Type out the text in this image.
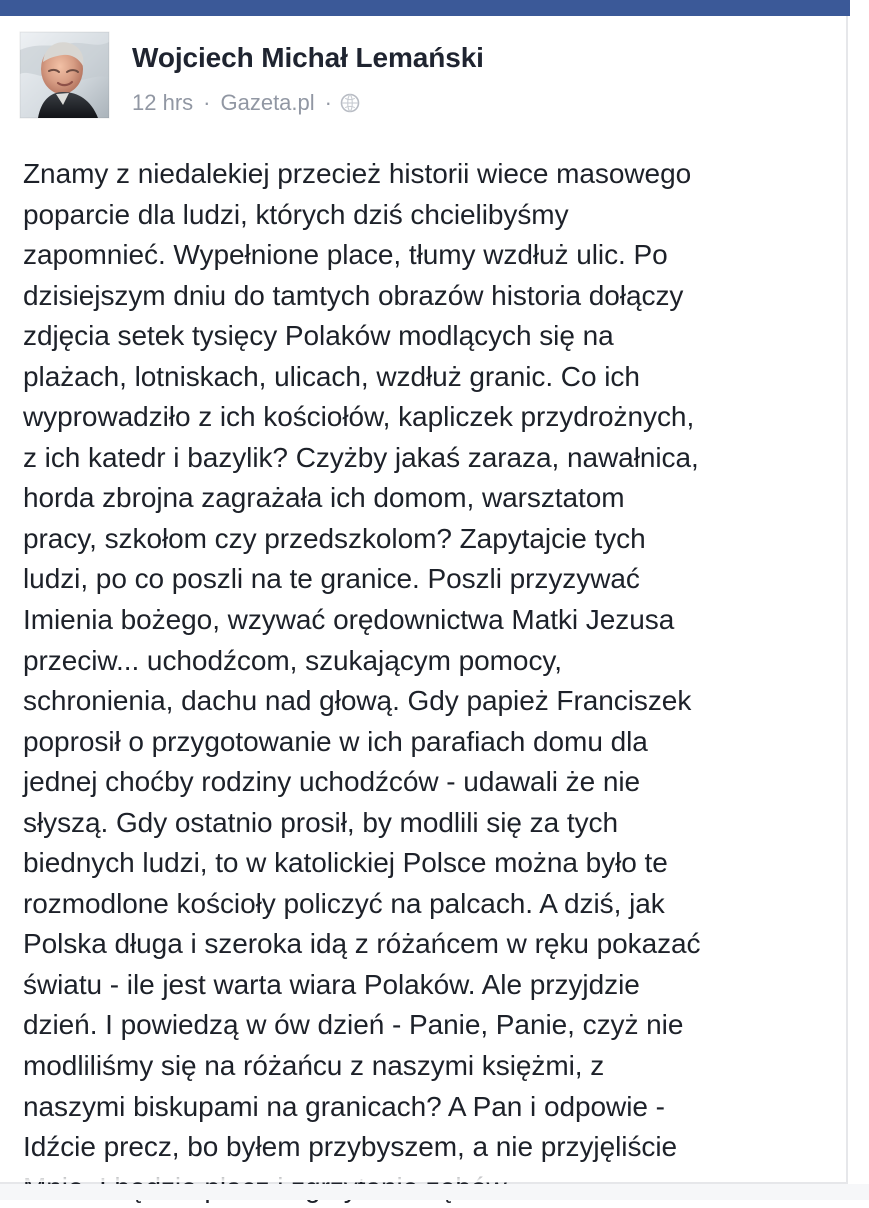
Wojciech Michał Lemański
12 hrs · Gazeta.pl ·
Znamy z niedalekiej przecież historii wiece masowego
poparcie dla ludzi, których dziś chcielibyśmy
zapomnieć. Wypełnione place, tłumy wzdłuż ulic. Po
dzisiejszym dniu do tamtych obrazów historia dołączy
zdjęcia setek tysięcy Polaków modlących się na
plażach, lotniskach, ulicach, wzdłuż granic. Co ich
wyprowadziło z ich kościołów, kapliczek przydrożnych,
z ich katedr i bazylik? Czyżby jakaś zaraza, nawałnica,
horda zbrojna zagrażała ich domom, warsztatom
pracy, szkołom czy przedszkolom? Zapytajcie tych
ludzi, po co poszli na te granice. Poszli przyzywać
Imienia bożego, wzywać orędownictwa Matki Jezusa
przeciw... uchodźcom, szukającym pomocy,
schronienia, dachu nad głową. Gdy papież Franciszek
poprosił o przygotowanie w ich parafiach domu dla
jednej choćby rodziny uchodźców - udawali że nie
słyszą. Gdy ostatnio prosił, by modlili się za tych
biednych ludzi, to w katolickiej Polsce można było te
rozmodlone kościoły policzyć na palcach. A dziś, jak
Polska długa i szeroka idą z różańcem w ręku pokazać
światu - ile jest warta wiara Polaków. Ale przyjdzie
dzień. I powiedzą w ów dzień - Panie, Panie, czyż nie
modliliśmy się na różańcu z naszymi księżmi, z
naszymi biskupami na granicach? A Pan i odpowie -
Idźcie precz, bo byłem przybyszem, a nie przyjęliście
